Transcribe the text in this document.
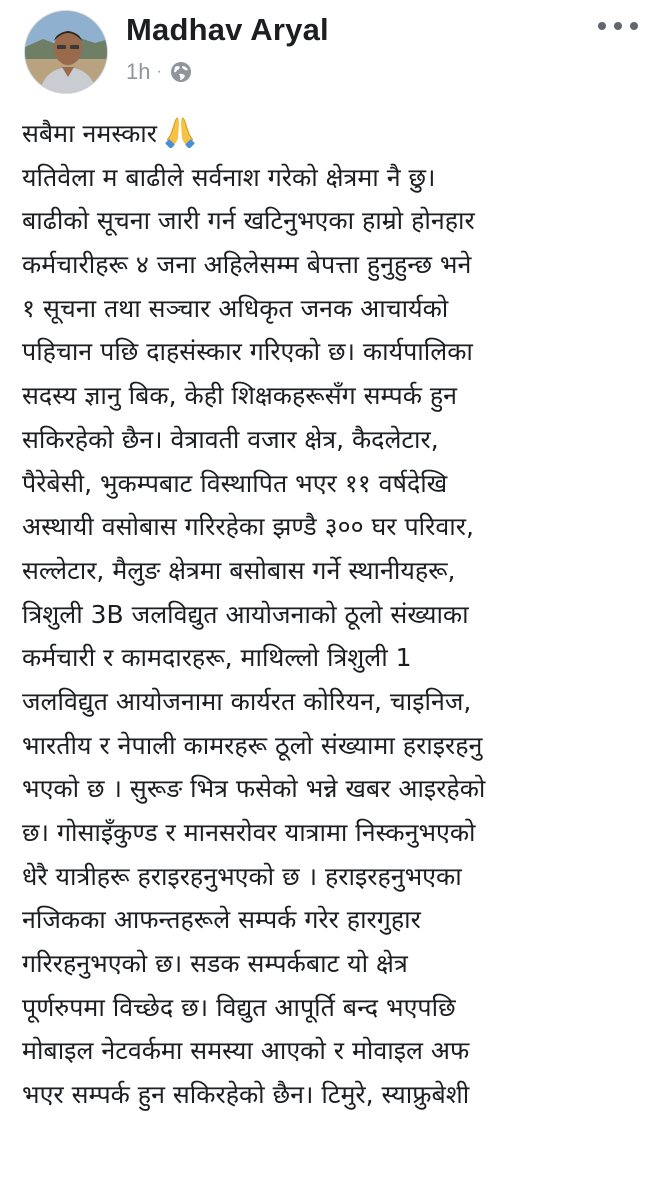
Madhav Aryal
1h ·
सबैमा नमस्कार
यतिवेला म बाढीले सर्वनाश गरेको क्षेत्रमा नै छु।
बाढीको सूचना जारी गर्न खटिनुभएका हाम्रो होनहार
कर्मचारीहरू ४ जना अहिलेसम्म बेपत्ता हुनुहुन्छ भने
१ सूचना तथा सञ्चार अधिकृत जनक आचार्यको
पहिचान पछि दाहसंस्कार गरिएको छ। कार्यपालिका
सदस्य ज्ञानु बिक, केही शिक्षकहरूसँग सम्पर्क हुन
सकिरहेको छैन। वेत्रावती वजार क्षेत्र, कैदलेटार,
पैरेबेसी, भुकम्पबाट विस्थापित भएर ११ वर्षदेखि
अस्थायी वसोबास गरिरहेका झण्डै ३०० घर परिवार,
सल्लेटार, मैलुङ क्षेत्रमा बसोबास गर्ने स्थानीयहरू,
त्रिशुली 3B जलविद्युत आयोजनाको ठूलो संख्याका
कर्मचारी र कामदारहरू, माथिल्लो त्रिशुली 1
जलविद्युत आयोजनामा कार्यरत कोरियन, चाइनिज,
भारतीय र नेपाली कामरहरू ठूलो संख्यामा हराइरहनु
भएको छ । सुरूङ भित्र फसेको भन्ने खबर आइरहेको
छ। गोसाइँकुण्ड र मानसरोवर यात्रामा निस्कनुभएको
धेरै यात्रीहरू हराइरहनुभएको छ । हराइरहनुभएका
नजिकका आफन्तहरूले सम्पर्क गरेर हारगुहार
गरिरहनुभएको छ। सडक सम्पर्कबाट यो क्षेत्र
पूर्णरुपमा विच्छेद छ। विद्युत आपूर्ति बन्द भएपछि
मोबाइल नेटवर्कमा समस्या आएको र मोवाइल अफ
भएर सम्पर्क हुन सकिरहेको छैन। टिमुरे, स्याफ्रुबेशी
